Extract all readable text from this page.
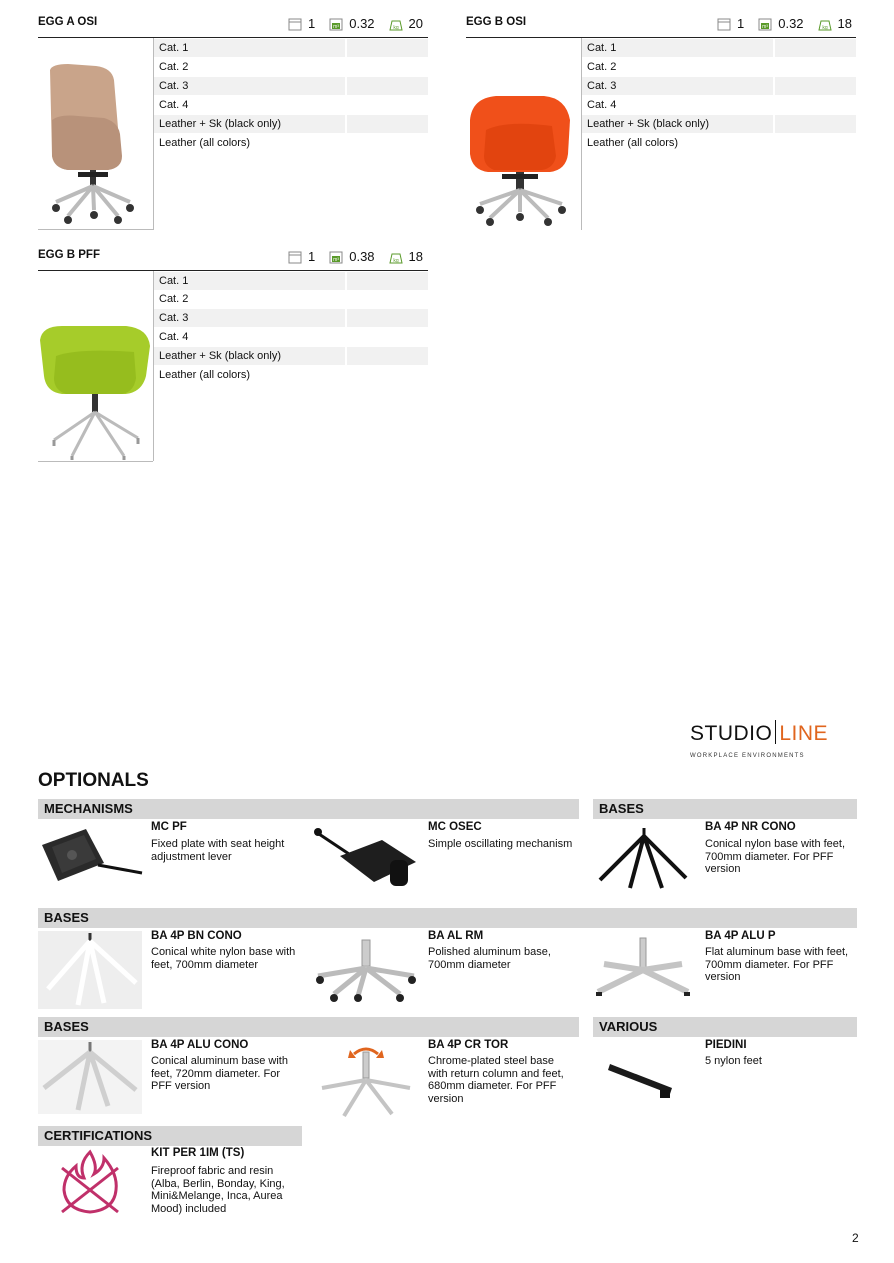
EGG A OSI	1	m³ 0.32	kg 20
Cat. 1
Cat. 2
Cat. 3
Cat. 4
Leather + Sk (black only)
Leather (all colors)
EGG B OSI	1	m³ 0.32	kg 18
Cat. 1
Cat. 2
Cat. 3
Cat. 4
Leather + Sk (black only)
Leather (all colors)
EGG B PFF	1	m³ 0.38	kg 18
Cat. 1
Cat. 2
Cat. 3
Cat. 4
Leather + Sk (black only)
Leather (all colors)
STUDIO LINE
WORKPLACE ENVIRONMENTS
OPTIONALS
MECHANISMS	BASES
MC PF
Fixed plate with seat height adjustment lever
MC OSEC
Simple oscillating mechanism
BA 4P NR CONO
Conical nylon base with feet, 700mm diameter. For PFF version
BASES
BA 4P BN CONO
Conical white nylon base with feet, 700mm diameter
BA AL RM
Polished aluminum base, 700mm diameter
BA 4P ALU P
Flat aluminum base with feet, 700mm diameter. For PFF version
BASES	VARIOUS
BA 4P ALU CONO
Conical aluminum base with feet, 720mm diameter. For PFF version
BA 4P CR TOR
Chrome-plated steel base with return column and feet, 680mm diameter. For PFF version
PIEDINI
5 nylon feet
CERTIFICATIONS
KIT PER 1IM (TS)
Fireproof fabric and resin (Alba, Berlin, Bonday, King, Mini&Melange, Inca, Aurea Mood) included
2
